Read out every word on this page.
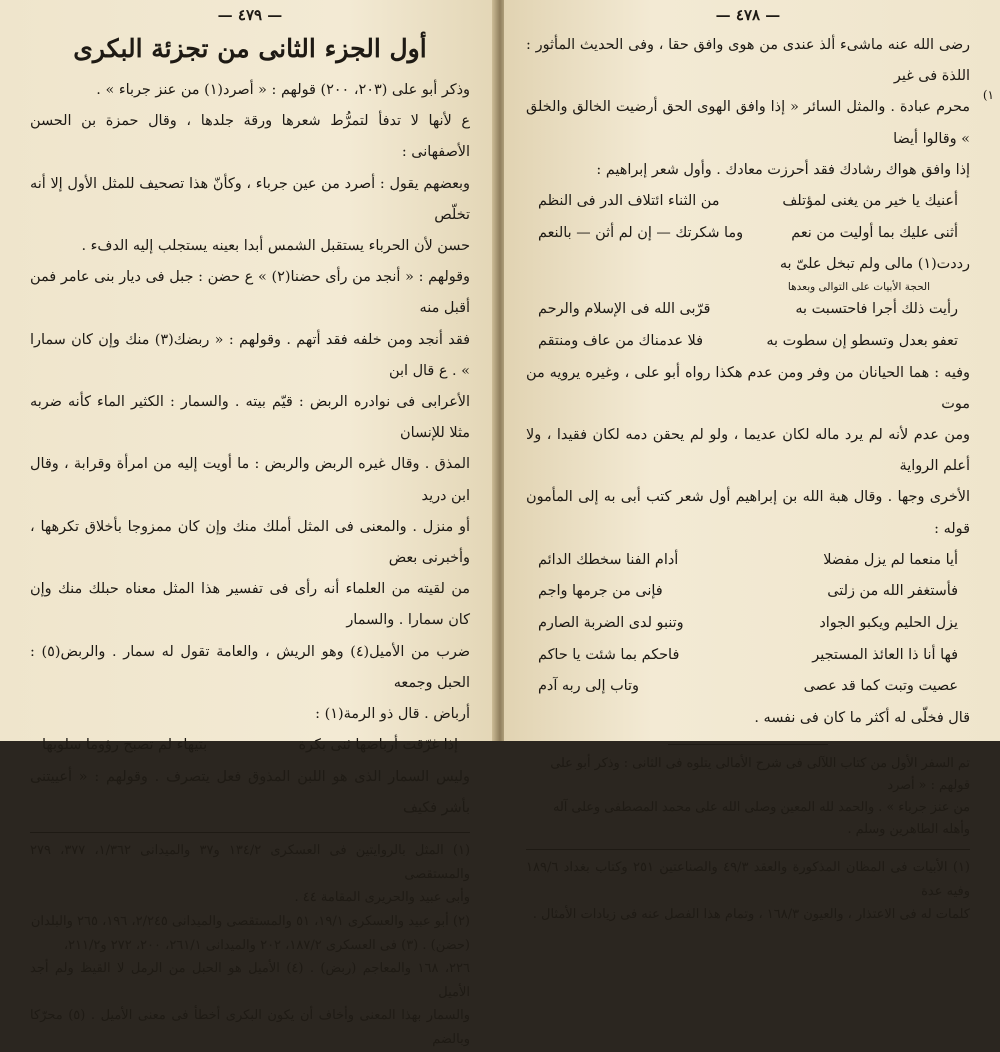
— ٤٧٩ —
أول الجزء الثانى من تجزئة البكرى

وذكر أبو على (٢٠٣، ٢٠٠) قولهم : « أصرد(١) من عنز جرباء » .

ع لأنها لا تدفأ لتمرُّط شعرها ورقة جلدها ، وقال حمزة بن الحسن الأصفهانى :

وبعضهم يقول : أصرد من عين جرباء ، وكأنّ هذا تصحيف للمثل الأول إلا أنه تخلّص

حسن لأن الحرباء يستقبل الشمس أبدا بعينه يستجلب إليه الدفء .

وقولهم : « أنجد من رأى حضنا(٢) » ع حضن : جبل فى ديار بنى عامر فمن أقبل منه

فقد أنجد ومن خلفه فقد أتهم . وقولهم : « ربضك(٣) منك وإن كان سمارا » . ع قال ابن

الأعرابى فى نوادره الربض : قيّم بيته . والسمار : الكثير الماء كأنه ضربه مثلا للإنسان

المذق . وقال غيره الربض والربض : ما أويت إليه من امرأة وقرابة ، وقال ابن دريد

أو منزل . والمعنى فى المثل أملك منك وإن كان ممزوجا بأخلاق تكرهها ، وأخبرنى بعض

من لقيته من العلماء أنه رأى فى تفسير هذا المثل معناه حبلك منك وإن كان سمارا . والسمار

ضرب من الأميل(٤) وهو الريش ، والعامة تقول له سمار . والربض(٥) : الحبل وجمعه

أرباض . قال ذو الرمة(١) :

إذا غرّقت أرباضها ثنى بكرة
بتيهاء لم تصبح رؤوما سلوبها

وليس السمار الذى هو اللبن المذوق فعل يتصرف . وقولهم : « أعييتنى بأشر فكيف

(١) المثل بالروايتين فى العسكرى ١٣٤/٢ و٣٧ والميدانى ١/٣٦٢، ٣٧٧، ٢٧٩ والمستقصى

وأبى عبيد والحريرى المقامة ٤٤ .

(٢) أبو عبيد والعسكرى ١٩/١، ٥١ والمستقصى والميدانى ٢/٢٤٥، ١٩٦، ٢٦٥ والبلدان

(حضن) . (٣) فى العسكرى ١٨٧/٢، ٢٠٢ والميدانى ٢٦١/١، ٢٠٠، ٢٧٢ و٢١١/٢،

٢٢٦، ١٦٨ والمعاجم (ربض) . (٤) الأميل هو الحبل من الرمل لا القيظ ولم أجد الأميل

والسمار بهذا المعنى وأخاف أن يكون البكرى أخطأ فى معنى الأميل . (٥) محرّكا وبالضم

— ٤٧٨ —

رضى الله عنه ماشىء ألذ عندى من هوى وافق حقا ، وفى الحديث المأثور : اللذة فى غير

محرم عبادة . والمثل السائر « إذا وافق الهوى الحق أرضيت الخالق والخلق » وقالوا أيضا

إذا وافق هواك رشادك فقد أحرزت معادك . وأول شعر إبراهيم :

١)
أعنيك يا خير من يغنى لمؤتلف
من الثناء ائتلاف الدر فى النظم
أثنى عليك بما أوليت من نعم
وما شكرتك — إن لم أثن — بالنعم

رددت(١) مالى ولم تبخل علىّ به

الحجة الأبيات على التوالى وبعدها

رأيت ذلك أجرا فاحتسبت به
قرّبى الله فى الإسلام والرحم
تعفو بعدل وتسطو إن سطوت به
فلا عدمناك من عاف ومنتقم

وفيه : هما الحيانان من وفر ومن عدم هكذا رواه أبو على ، وغيره يرويه من موت

ومن عدم لأنه لم يرد ماله لكان عديما ، ولو لم يحقن دمه لكان فقيدا ، ولا أعلم الرواية

الأخرى وجها . وقال هبة الله بن إبراهيم أول شعر كتب أبى به إلى المأمون قوله :

أيا منعما لم يزل مفضلا
أدام الفنا سخطك الدائم
فأستغفر الله من زلتى
فإنى من جرمها واجم
يزل الحليم ويكبو الجواد
وتنبو لدى الضربة الصارم
فها أنا ذا العائذ المستجير
فاحكم بما شئت يا حاكم
عصيت وتبت كما قد عصى
وتاب إلى ربه آدم

قال فخلّى له أكثر ما كان فى نفسه .

تم السفر الأول من كتاب اللآلى فى شرح الأمالى يتلوه فى الثانى : وذكر أبو على قولهم : « أصرد

من عنز جرباء » . والحمد لله المعين وصلى الله على محمد المصطفى وعلى آله وأهله الطاهرين وسلم .

(١) الأبيات فى المظان المذكورة والعقد ٤٩/٣ والصناعتين ٢٥١ وكتاب بغداد ١٨٩/٦ وفيه عدة

كلمات له فى الاعتذار ، والعيون ١٦٨/٣ ، وتمام هذا الفصل عنه فى زيادات الأمثال .
